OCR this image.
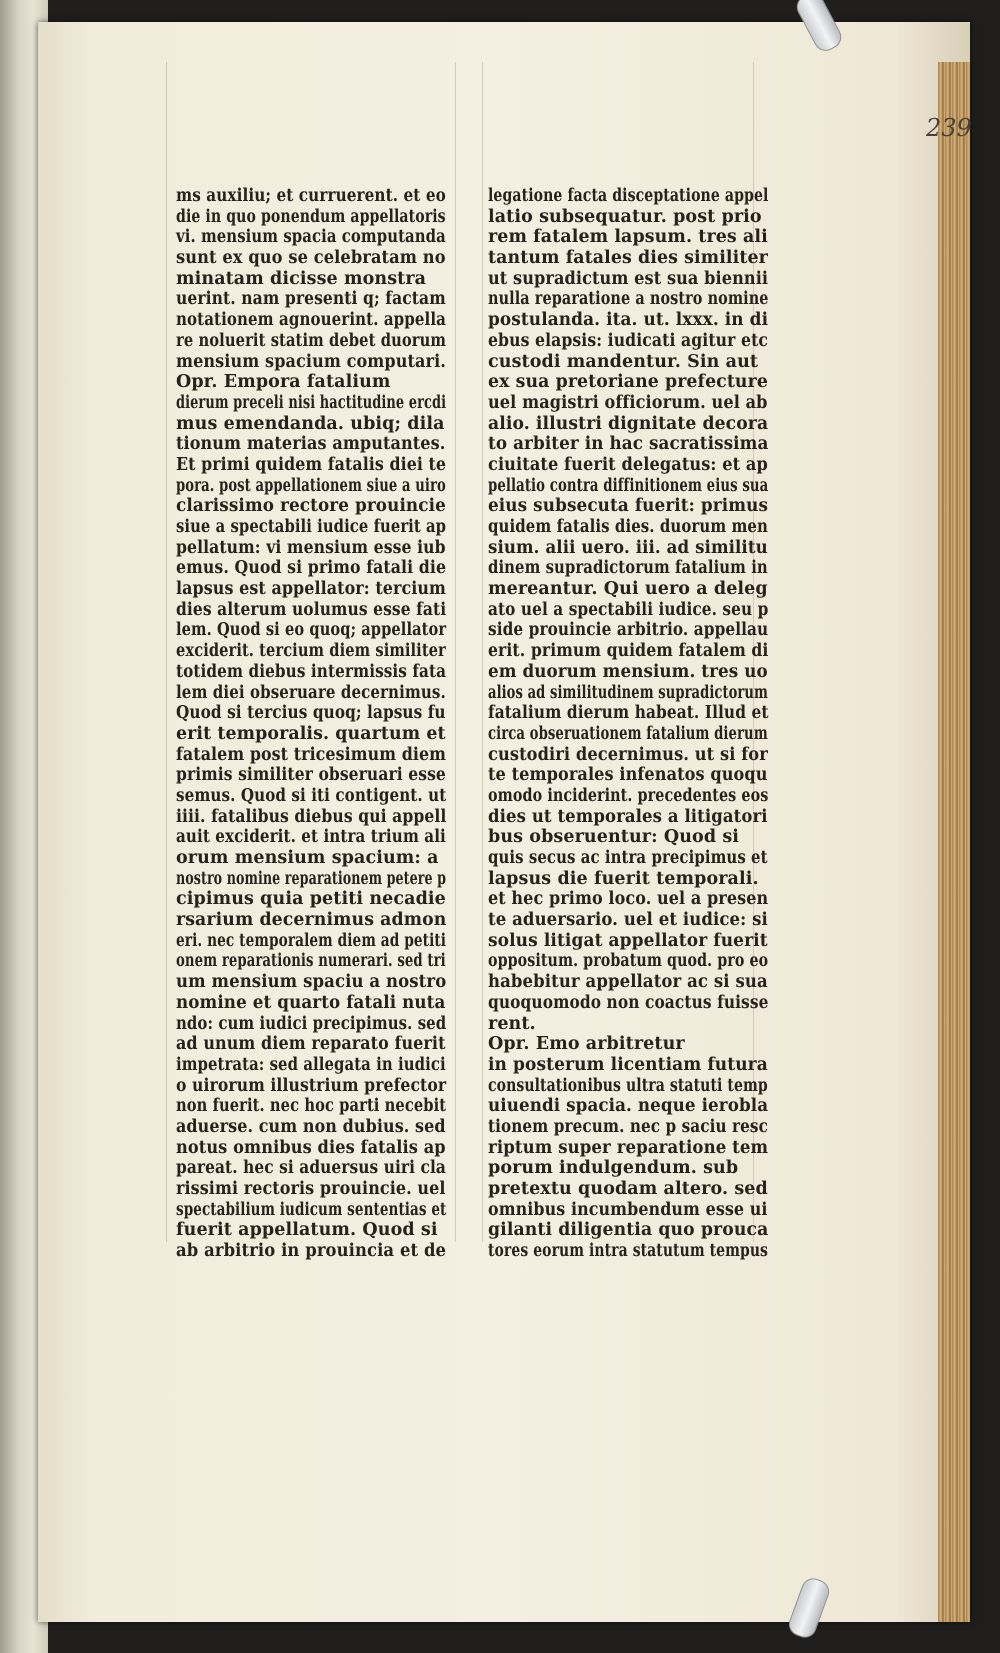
239
ms auxiliu; et curruerent. et eo
die in quo ponendum appellatoris
vi. mensium spacia computanda
sunt ex quo se celebratam no
minatam dicisse monstra
uerint. nam presenti q; factam
notationem agnouerint. appella
re noluerit statim debet duorum
mensium spacium computari.
Opr. Empora fatalium
dierum preceli nisi hactitudine ercdi
mus emendanda. ubiq; dila
tionum materias amputantes.
Et primi quidem fatalis diei te
pora. post appellationem siue a uiro
clarissimo rectore prouincie
siue a spectabili iudice fuerit ap
pellatum: vi mensium esse iub
emus. Quod si primo fatali die
lapsus est appellator: tercium
dies alterum uolumus esse fati
lem. Quod si eo quoq; appellator
exciderit. tercium diem similiter
totidem diebus intermissis fata
lem diei obseruare decernimus.
Quod si tercius quoq; lapsus fu
erit temporalis. quartum et
fatalem post tricesimum diem
primis similiter obseruari esse
semus. Quod si iti contigent. ut
iiii. fatalibus diebus qui appell
auit exciderit. et intra trium ali
orum mensium spacium: a
nostro nomine reparationem petere p
cipimus quia petiti necadie
rsarium decernimus admon
eri. nec temporalem diem ad petiti
onem reparationis numerari. sed tri
um mensium spaciu a nostro
nomine et quarto fatali nuta
ndo: cum iudici precipimus. sed
ad unum diem reparato fuerit
impetrata: sed allegata in iudici
o uirorum illustrium prefector
non fuerit. nec hoc parti necebit
aduerse. cum non dubius. sed
notus omnibus dies fatalis ap
pareat. hec si aduersus uiri cla
rissimi rectoris prouincie. uel
spectabilium iudicum sententias et
fuerit appellatum. Quod si
ab arbitrio in prouincia et de
legatione facta disceptatione appel
latio subsequatur. post prio
rem fatalem lapsum. tres ali
tantum fatales dies similiter
ut supradictum est sua biennii
nulla reparatione a nostro nomine
postulanda. ita. ut. lxxx. in di
ebus elapsis: iudicati agitur etc
custodi mandentur. Sin aut
ex sua pretoriane prefecture
uel magistri officiorum. uel ab
alio. illustri dignitate decora
to arbiter in hac sacratissima
ciuitate fuerit delegatus: et ap
pellatio contra diffinitionem eius sua
eius subsecuta fuerit: primus
quidem fatalis dies. duorum men
sium. alii uero. iii. ad similitu
dinem supradictorum fatalium in
mereantur. Qui uero a deleg
ato uel a spectabili iudice. seu p
side prouincie arbitrio. appellau
erit. primum quidem fatalem di
em duorum mensium. tres uo
alios ad similitudinem supradictorum
fatalium dierum habeat. Illud et
circa obseruationem fatalium dierum
custodiri decernimus. ut si for
te temporales infenatos quoqu
omodo inciderint. precedentes eos
dies ut temporales a litigatori
bus obseruentur: Quod si
quis secus ac intra precipimus et
lapsus die fuerit temporali.
et hec primo loco. uel a presen
te aduersario. uel et iudice: si
solus litigat appellator fuerit
oppositum. probatum quod. pro eo
habebitur appellator ac si sua
quoquomodo non coactus fuisse
rent.
Opr. Emo arbitretur
in posterum licentiam futura
consultationibus ultra statuti temp
uiuendi spacia. neque ierobla
tionem precum. nec p saciu resc
riptum super reparatione tem
porum indulgendum. sub
pretextu quodam altero. sed
omnibus incumbendum esse ui
gilanti diligentia quo prouca
tores eorum intra statutum tempus
